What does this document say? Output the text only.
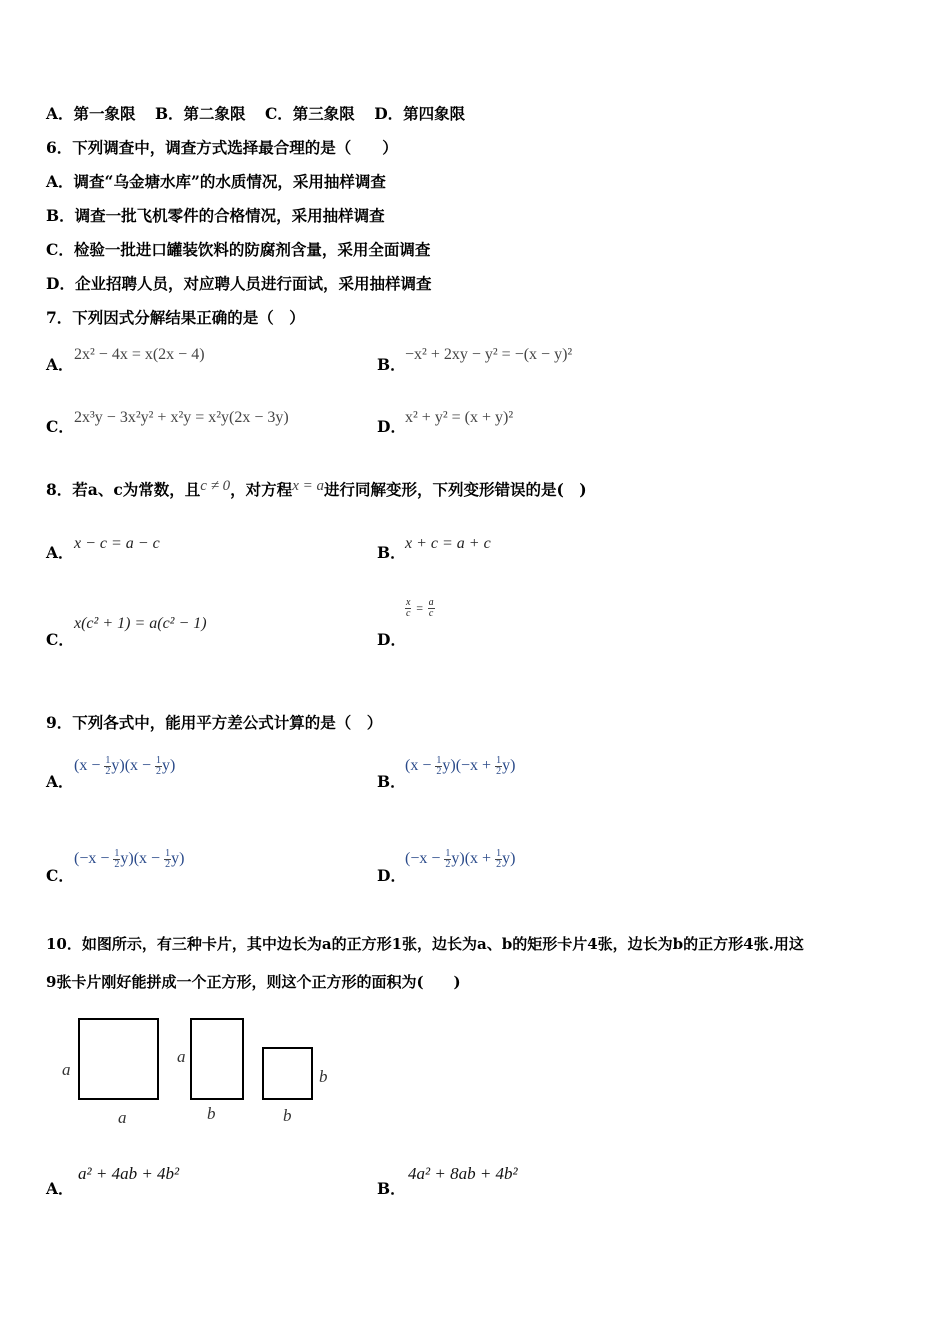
A．第一象限 B．第二象限 C．第三象限 D．第四象限
6．下列调查中，调查方式选择最合理的是（　　）
A．调查“乌金塘水库”的水质情况，采用抽样调查
B．调查一批飞机零件的合格情况，采用抽样调查
C．检验一批进口罐装饮料的防腐剂含量，采用全面调查
D．企业招聘人员，对应聘人员进行面试，采用抽样调查
7．下列因式分解结果正确的是（　）
A．
2x² − 4x = x(2x − 4)
B．
−x² + 2xy − y² = −(x − y)²
C． 2x³y − 3x²y² + x²y = x²y(2x − 3y)	D． x² + y² = (x + y)²
8．若a、c为常数，且c ≠ 0，对方程x = a进行同解变形，下列变形错误的是(　)
A． x − c = a − c	B． x + c = a + c
C．
x(c² + 1) = a(c² − 1)
D．
$\frac{x}{c} = \frac{a}{c}$
9．下列各式中，能用平方差公式计算的是（　）
A．
$(x - \frac{1}{2} y)(x - \frac{1}{2} y)$
B．
$(x - \frac{1}{2} y)(-x + \frac{1}{2} y)$
C．
$(-x - \frac{1}{2} y)(x - \frac{1}{2} y)$
D．
$(-x - \frac{1}{2} y)(x + \frac{1}{2} y)$
10．如图所示，有三种卡片，其中边长为a的正方形1张，边长为a、b的矩形卡片4张，边长为b的正方形4张.用这
9张卡片刚好能拼成一个正方形，则这个正方形的面积为(　　)
a
a
a
b
b
b
A．
a² + 4ab + 4b²
B．
4a² + 8ab + 4b²
